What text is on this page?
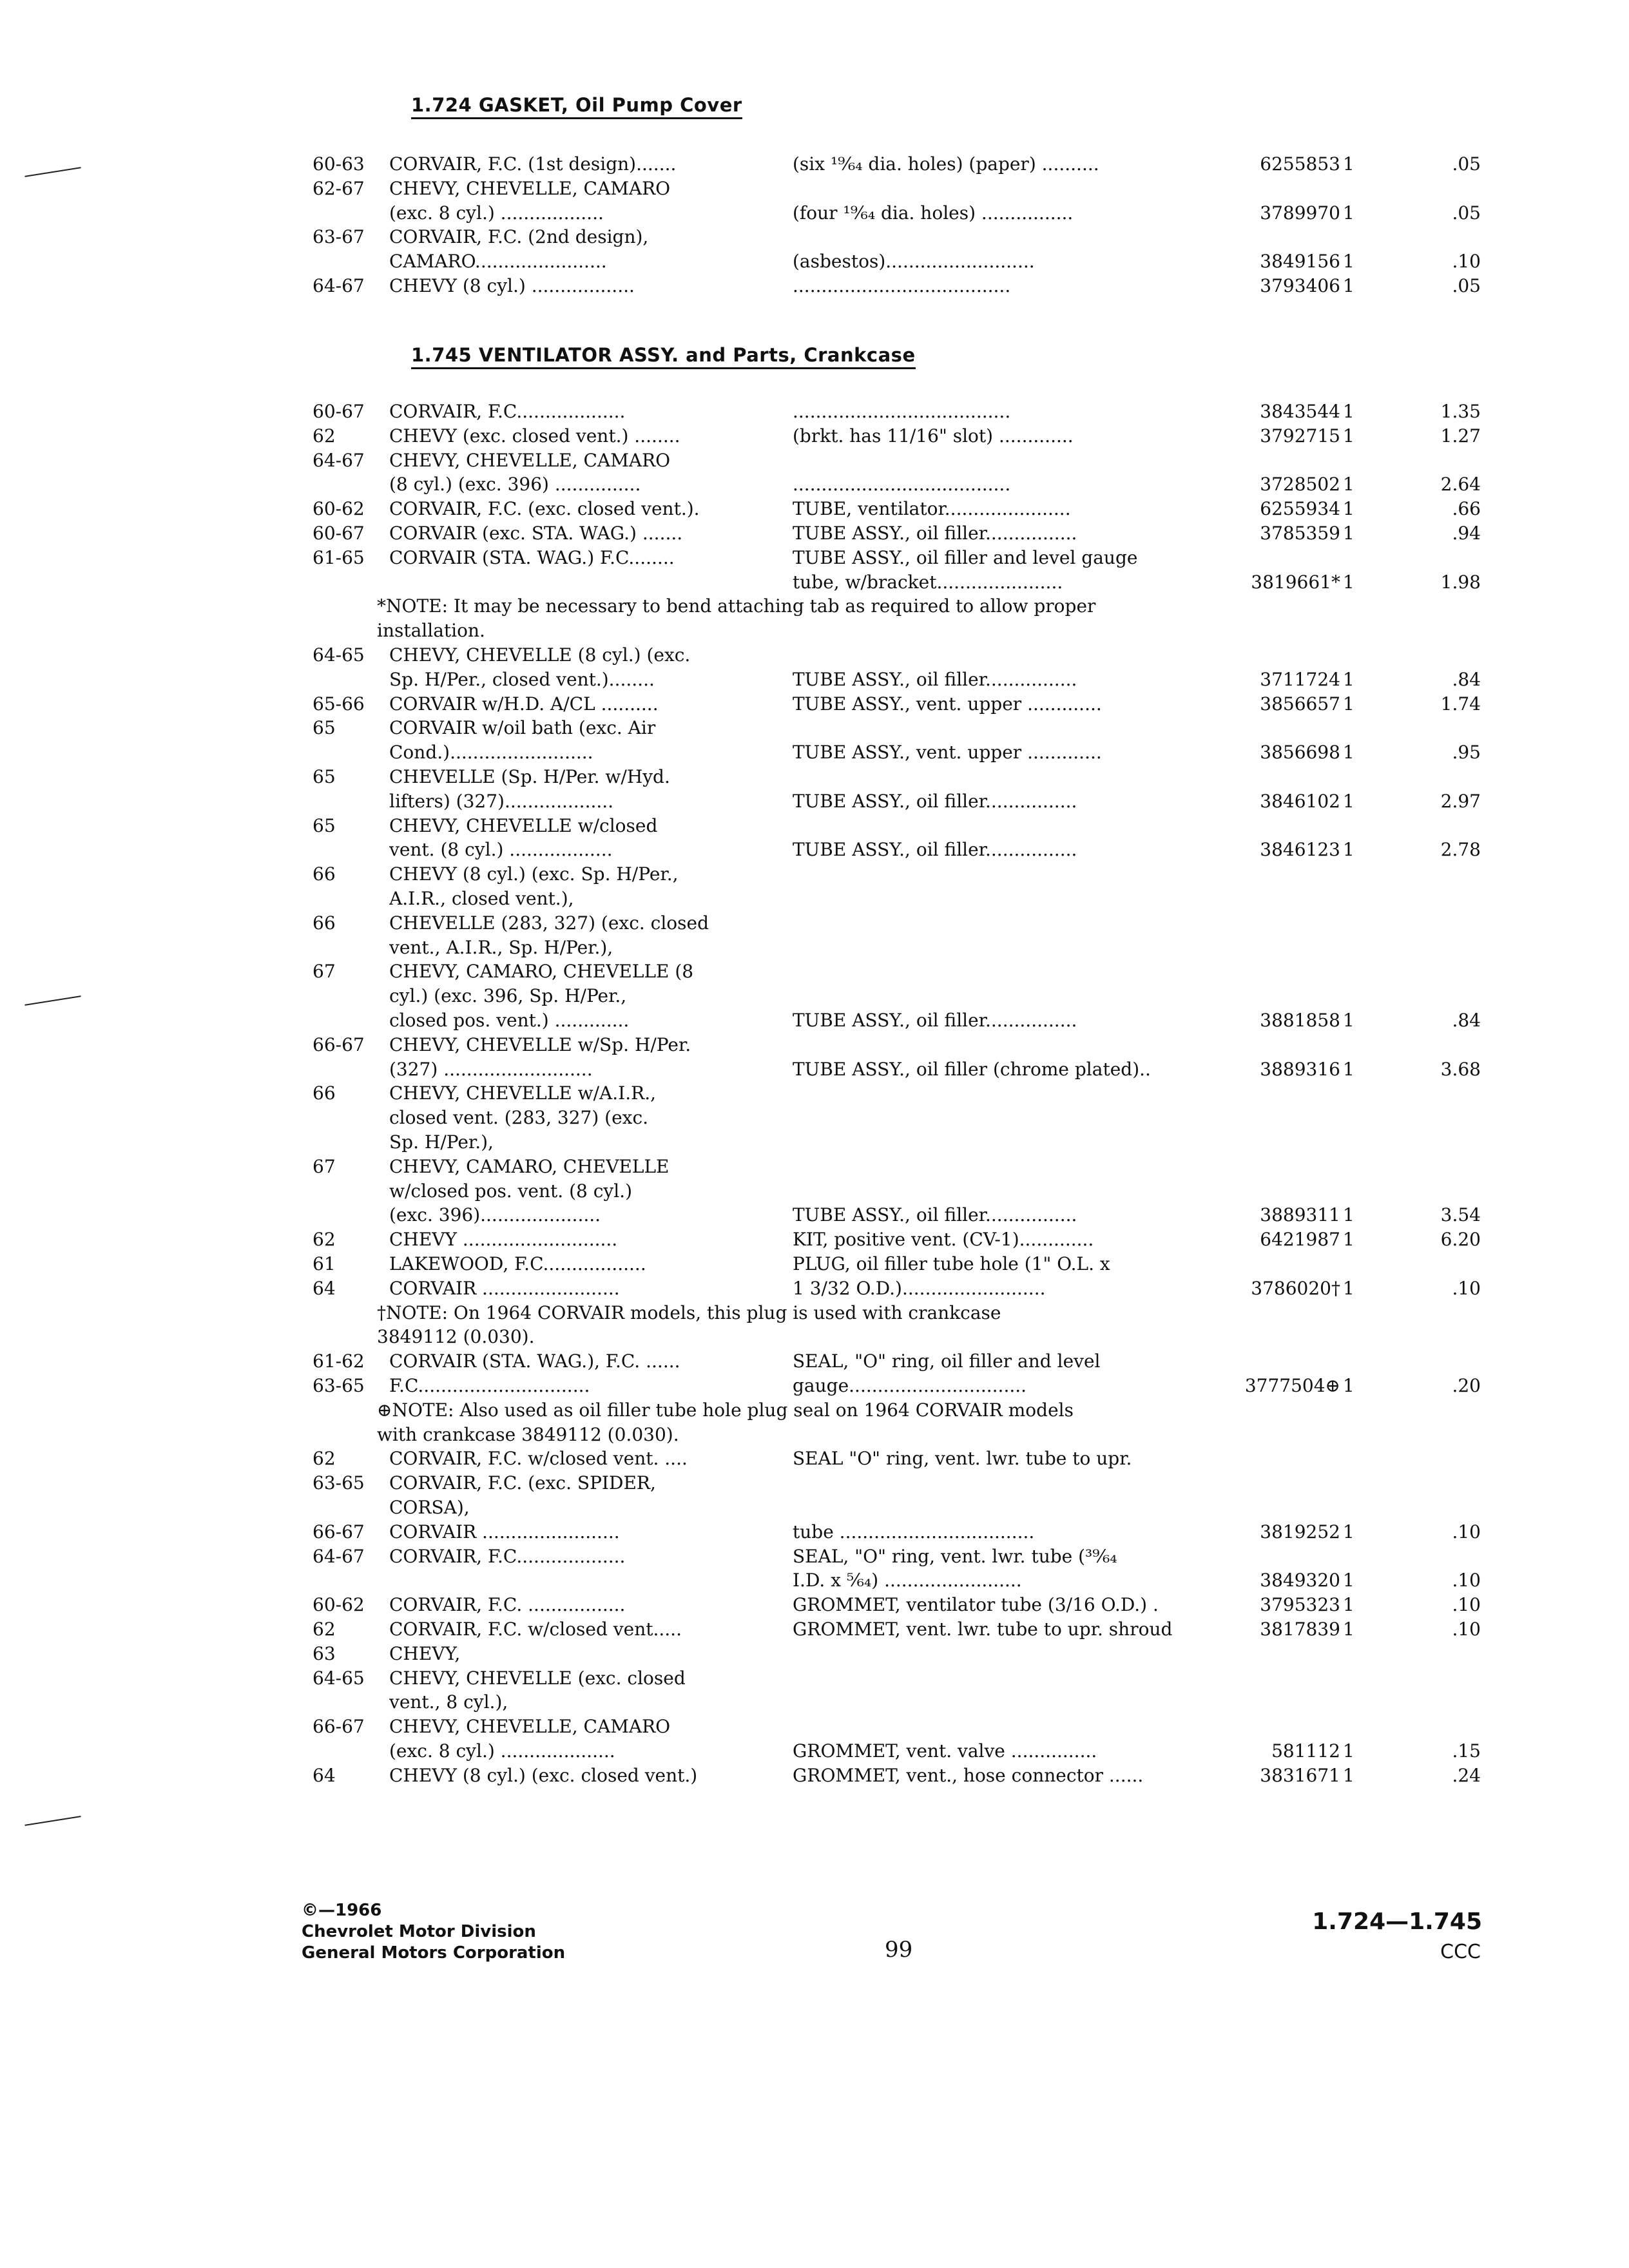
1.724 GASKET, Oil Pump Cover
60-63 CORVAIR, F.C. (1st design).......	(six ¹⁹⁄₆₄ dia. holes) (paper) ..........	6255853 1	.05
62-67 CHEVY, CHEVELLE, CAMARO
(exc. 8 cyl.) ..................	(four ¹⁹⁄₆₄ dia. holes) ................	3789970 1	.05
63-67 CORVAIR, F.C. (2nd design),
CAMARO.......................	(asbestos)..........................	3849156 1	.10
64-67 CHEVY (8 cyl.) ..................	......................................	3793406 1	.05
1.745 VENTILATOR ASSY. and Parts, Crankcase
60-67 CORVAIR, F.C...................	......................................	3843544 1	1.35
62	CHEVY (exc. closed vent.) ........	(brkt. has 11/16" slot) .............	3792715 1	1.27
64-67 CHEVY, CHEVELLE, CAMARO
(8 cyl.) (exc. 396) ...............	......................................	3728502 1	2.64
60-62 CORVAIR, F.C. (exc. closed vent.).	TUBE, ventilator......................	6255934 1	.66
60-67 CORVAIR (exc. STA. WAG.) .......	TUBE ASSY., oil filler................	3785359 1	.94
61-65 CORVAIR (STA. WAG.) F.C........	TUBE ASSY., oil filler and level gauge
tube, w/bracket......................	3819661* 1	1.98
*NOTE: It may be necessary to bend attaching tab as required to allow proper
installation.
64-65 CHEVY, CHEVELLE (8 cyl.) (exc.
Sp. H/Per., closed vent.)........	TUBE ASSY., oil filler................	3711724 1	.84
65-66 CORVAIR w/H.D. A/CL ..........	TUBE ASSY., vent. upper .............	3856657 1	1.74
65	CORVAIR w/oil bath (exc. Air
Cond.).........................	TUBE ASSY., vent. upper .............	3856698 1	.95
65	CHEVELLE (Sp. H/Per. w/Hyd.
lifters) (327)...................	TUBE ASSY., oil filler................	3846102 1	2.97
65	CHEVY, CHEVELLE w/closed
vent. (8 cyl.) ..................	TUBE ASSY., oil filler................	3846123 1	2.78
66	CHEVY (8 cyl.) (exc. Sp. H/Per.,
A.I.R., closed vent.),
66	CHEVELLE (283, 327) (exc. closed
vent., A.I.R., Sp. H/Per.),
67	CHEVY, CAMARO, CHEVELLE (8
cyl.) (exc. 396, Sp. H/Per.,
closed pos. vent.) .............	TUBE ASSY., oil filler................	3881858 1	.84
66-67 CHEVY, CHEVELLE w/Sp. H/Per.
(327) ..........................	TUBE ASSY., oil filler (chrome plated)..	3889316 1	3.68
66	CHEVY, CHEVELLE w/A.I.R.,
closed vent. (283, 327) (exc.
Sp. H/Per.),
67	CHEVY, CAMARO, CHEVELLE
w/closed pos. vent. (8 cyl.)
(exc. 396).....................	TUBE ASSY., oil filler................	3889311 1	3.54
62	CHEVY ...........................	KIT, positive vent. (CV-1).............	6421987 1	6.20
61	LAKEWOOD, F.C..................	PLUG, oil filler tube hole (1" O.L. x
64	CORVAIR ........................	1 3/32 O.D.).........................	3786020† 1	.10
†NOTE: On 1964 CORVAIR models, this plug is used with crankcase
3849112 (0.030).
61-62 CORVAIR (STA. WAG.), F.C. ......	SEAL, "O" ring, oil filler and level
63-65 F.C..............................	gauge...............................	3777504⊕ 1	.20
⊕NOTE: Also used as oil filler tube hole plug seal on 1964 CORVAIR models
with crankcase 3849112 (0.030).
62	CORVAIR, F.C. w/closed vent. ....	SEAL "O" ring, vent. lwr. tube to upr.
63-65 CORVAIR, F.C. (exc. SPIDER,
CORSA),
66-67 CORVAIR ........................	tube ..................................	3819252 1	.10
64-67 CORVAIR, F.C...................	SEAL, "O" ring, vent. lwr. tube (³⁹⁄₆₄
I.D. x ⁵⁄₆₄) ........................	3849320 1	.10
60-62 CORVAIR, F.C. .................	GROMMET, ventilator tube (3/16 O.D.) .	3795323 1	.10
62	CORVAIR, F.C. w/closed vent.....	GROMMET, vent. lwr. tube to upr. shroud	3817839 1	.10
63	CHEVY,
64-65 CHEVY, CHEVELLE (exc. closed
vent., 8 cyl.),
66-67 CHEVY, CHEVELLE, CAMARO
(exc. 8 cyl.) ....................	GROMMET, vent. valve ...............	581112 1	.15
64	CHEVY (8 cyl.) (exc. closed vent.)	GROMMET, vent., hose connector ......	3831671 1	.24
©—1966
Chevrolet Motor Division
General Motors Corporation	99
1.724—1.745
CCC
